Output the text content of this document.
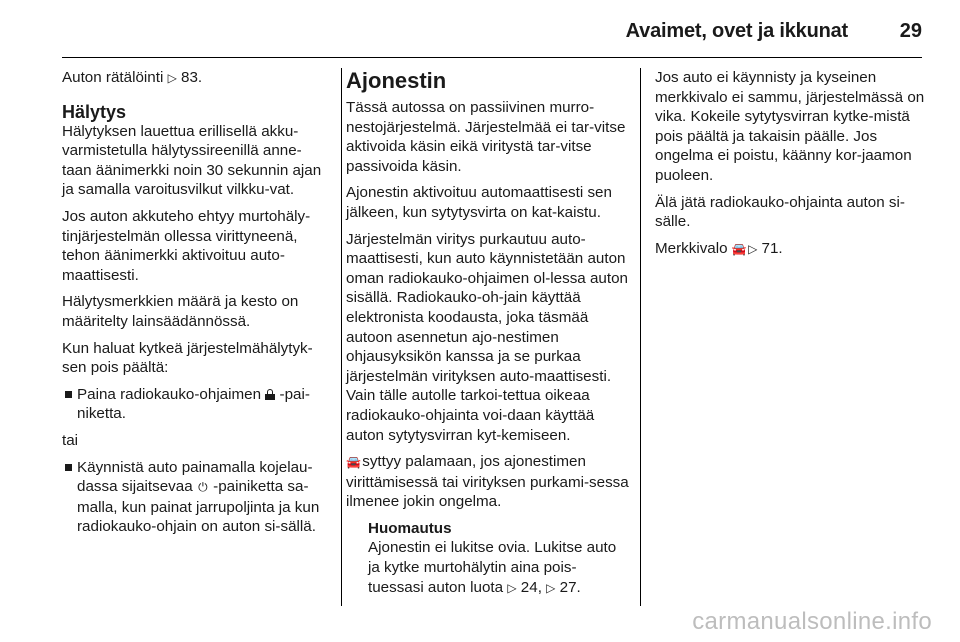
Avaimet, ovet ja ikkunat	29

Auton rätälöinti ▷ 83.

Hälytys

Hälytyksen lauettua erillisellä akku-varmistetulla hälytyssireenillä anne-taan äänimerkki noin 30 sekunnin ajan ja samalla varoitusvilkut vilkku-vat.

Jos auton akkuteho ehtyy murtohäly-tinjärjestelmän ollessa virittyneenä, tehon äänimerkki aktivoituu auto-maattisesti.

Hälytysmerkkien määrä ja kesto on määritelty lainsäädännössä.

Kun haluat kytkeä järjestelmähälytyk-sen pois päältä:

Paina radiokauko-ohjaimen -pai-niketta.

tai

Käynnistä auto painamalla kojelau-dassa sijaitsevaa ⏻ -painiketta sa-malla, kun painat jarrupoljinta ja kun radiokauko-ohjain on auton si-sällä.
Ajonestin

Tässä autossa on passiivinen murro-nestojärjestelmä. Järjestelmää ei tar-vitse aktivoida käsin eikä viritystä tar-vitse passivoida käsin.

Ajonestin aktivoituu automaattisesti sen jälkeen, kun sytytysvirta on kat-kaistu.

Järjestelmän viritys purkautuu auto-maattisesti, kun auto käynnistetään auton oman radiokauko-ohjaimen ol-lessa auton sisällä. Radiokauko-oh-jain käyttää elektronista koodausta, joka täsmää autoon asennetun ajo-nestimen ohjausyksikön kanssa ja se purkaa järjestelmän virityksen auto-maattisesti. Vain tälle autolle tarkoi-tettua oikeaa radiokauko-ohjainta voi-daan käyttää auton sytytysvirran kyt-kemiseen.

🚘 syttyy palamaan, jos ajonestimen virittämisessä tai virityksen purkami-sessa ilmenee jokin ongelma.

Huomautus
Ajonestin ei lukitse ovia. Lukitse auto ja kytke murtohälytin aina pois-tuessasi auton luota ▷ 24, ▷ 27.

Jos auto ei käynnisty ja kyseinen merkkivalo ei sammu, järjestelmässä on vika. Kokeile sytytysvirran kytke-mistä pois päältä ja takaisin päälle. Jos ongelma ei poistu, käänny kor-jaamon puoleen.

Älä jätä radiokauko-ohjainta auton si-sälle.

Merkkivalo 🚘 ▷ 71.

carmanualsonline.info
